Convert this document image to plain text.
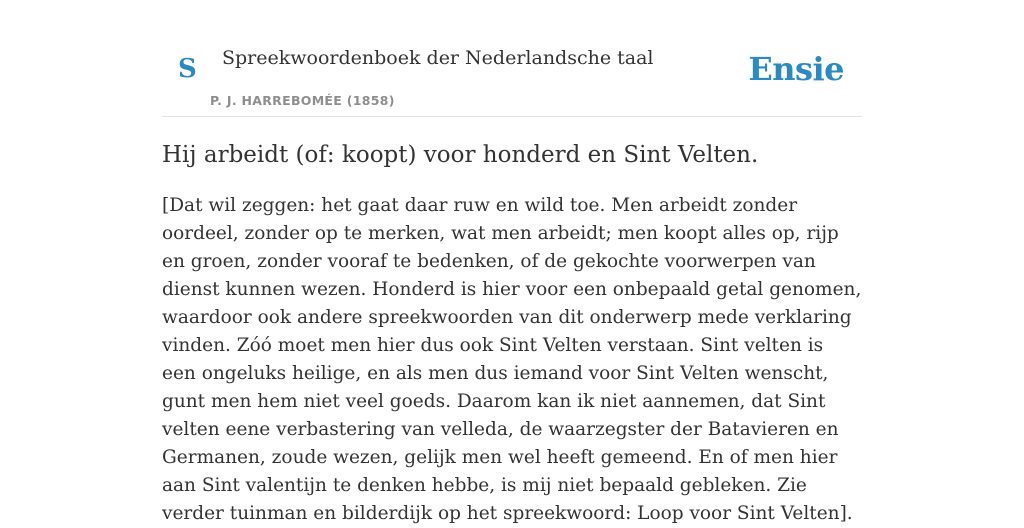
S Spreekwoordenboek der Nederlandsche taal
P. J. HARREBOMÉE (1858)
Ensie
Hij arbeidt (of: koopt) voor honderd en Sint Velten.

[Dat wil zeggen: het gaat daar ruw en wild toe. Men arbeidt zonder oordeel, zonder op te merken, wat men arbeidt; men koopt alles op, rijp en groen, zonder vooraf te bedenken, of de gekochte voorwerpen van dienst kunnen wezen. Honderd is hier voor een onbepaald getal genomen, waardoor ook andere spreekwoorden van dit onderwerp mede verklaring vinden. Zóó moet men hier dus ook Sint Velten verstaan. Sint velten is een ongeluks heilige, en als men dus iemand voor Sint Velten wenscht, gunt men hem niet veel goeds. Daarom kan ik niet aannemen, dat Sint velten eene verbastering van velleda, de waarzegster der Batavieren en Germanen, zoude wezen, gelijk men wel heeft gemeend. En of men hier aan Sint valentijn te denken hebbe, is mij niet bepaald gebleken. Zie verder tuinman en bilderdijk op het spreekwoord: Loop voor Sint Velten].
